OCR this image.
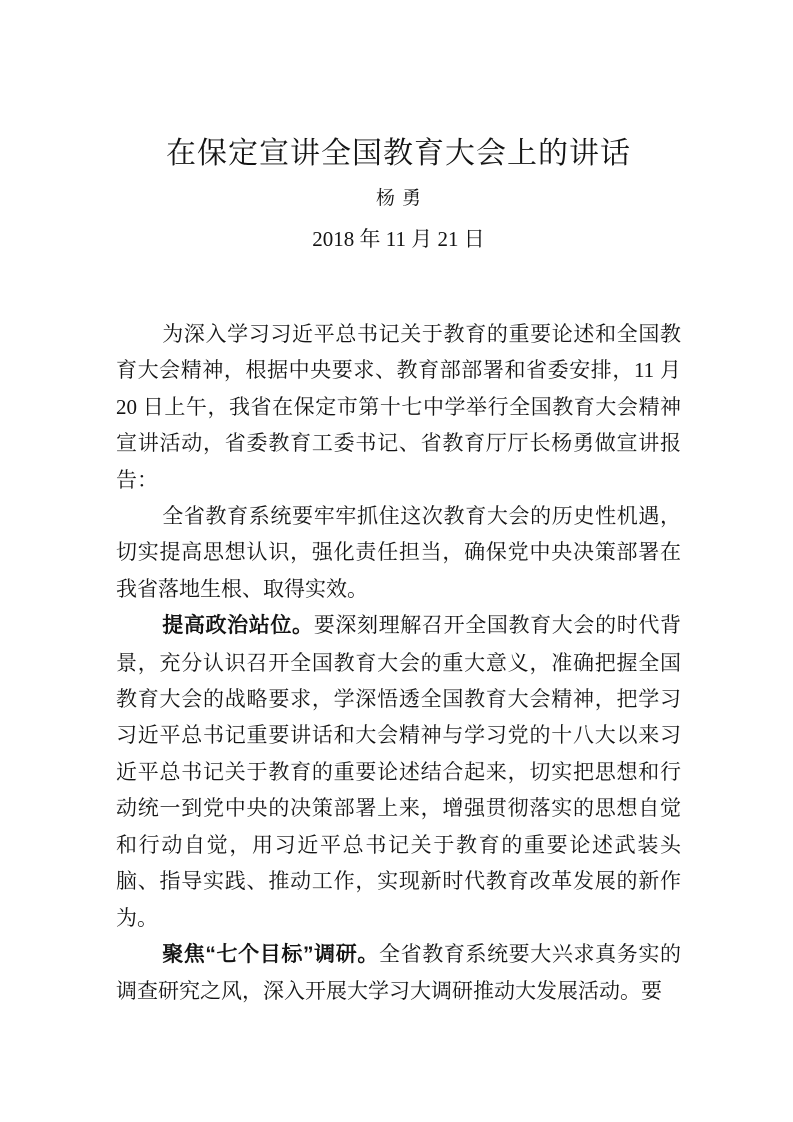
在保定宣讲全国教育大会上的讲话
杨勇
2018 年 11 月 21 日

为深入学习习近平总书记关于教育的重要论述和全国教育大会精神，根据中央要求、教育部部署和省委安排，11 月 20 日上午，我省在保定市第十七中学举行全国教育大会精神宣讲活动，省委教育工委书记、省教育厅厅长杨勇做宣讲报告：

全省教育系统要牢牢抓住这次教育大会的历史性机遇，切实提高思想认识，强化责任担当，确保党中央决策部署在我省落地生根、取得实效。

提高政治站位。要深刻理解召开全国教育大会的时代背景，充分认识召开全国教育大会的重大意义，准确把握全国教育大会的战略要求，学深悟透全国教育大会精神，把学习习近平总书记重要讲话和大会精神与学习党的十八大以来习近平总书记关于教育的重要论述结合起来，切实把思想和行动统一到党中央的决策部署上来，增强贯彻落实的思想自觉和行动自觉，用习近平总书记关于教育的重要论述武装头脑、指导实践、推动工作，实现新时代教育改革发展的新作为。

聚焦“七个目标”调研。全省教育系统要大兴求真务实的调查研究之风，深入开展大学习大调研推动大发展活动。要
